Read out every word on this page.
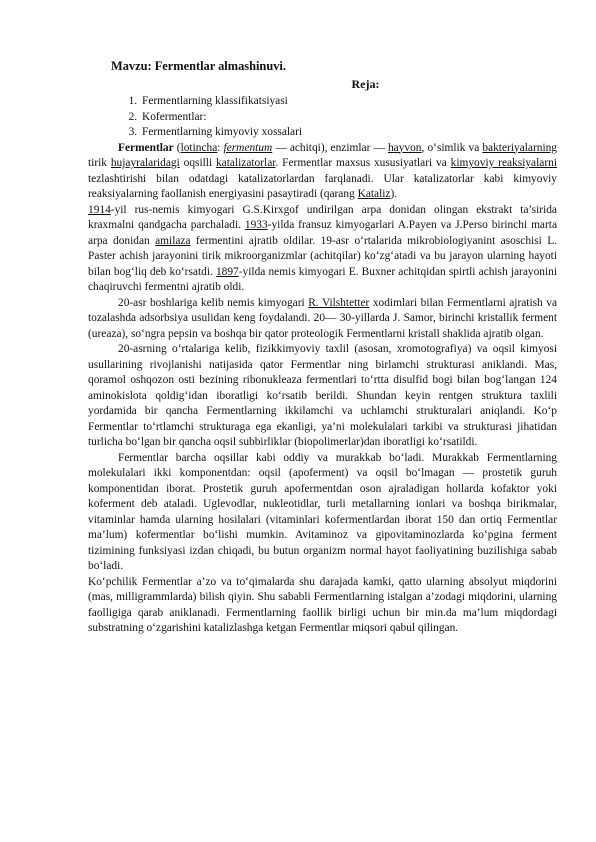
Mavzu: Fermentlar almashinuvi.
Reja:
1. Fermentlarning klassifikatsiyasi
2. Kofermentlar:
3. Fermentlarning kimyoviy xossalari

Fermentlar (lotincha: fermentum — achitqi), enzimlar — hayvon, o‘simlik va bakteriyalarning tirik hujayralaridagi oqsilli katalizatorlar. Fermentlar maxsus xususiyatlari va kimyoviy reaksiyalarni tezlashtirishi bilan odatdagi katalizatorlardan farqlanadi. Ular katalizatorlar kabi kimyoviy reaksiyalarning faollanish energiyasini pasaytiradi (qarang Kataliz).

1914-yil rus-nemis kimyogari G.S.Kirxgof undirilgan arpa donidan olingan ekstrakt ta’sirida kraxmalni qandgacha parchaladi. 1933-yilda fransuz kimyogarlari A.Payen va J.Perso birinchi marta arpa donidan amilaza fermentini ajratib oldilar. 19-asr o‘rtalarida mikrobiologiyanint asoschisi L. Paster achish jarayonini tirik mikroorganizmlar (achitqilar) ko‘zg‘atadi va bu jarayon ularning hayoti bilan bog‘liq deb ko‘rsatdi. 1897-yilda nemis kimyogari E. Buxner achitqidan spirtli achish jarayonini chaqiruvchi fermentni ajratib oldi.

20-asr boshlariga kelib nemis kimyogari R. Vilshtetter xodimlari bilan Fermentlarni ajratish va tozalashda adsorbsiya usulidan keng foydalandi. 20— 30-yillarda J. Samor, birinchi kristallik ferment (ureaza), so‘ngra pepsin va boshqa bir qator proteologik Fermentlarni kristall shaklida ajratib olgan.

20-asrning o‘rtalariga kelib, fizikkimyoviy taxlil (asosan, xromotografiya) va oqsil kimyosi usullarining rivojlanishi natijasida qator Fermentlar ning birlamchi strukturasi aniklandi. Mas, qoramol oshqozon osti bezining ribonukleaza fermentlari to‘rtta disulfid bogi bilan bog‘langan 124 aminokislota qoldig‘idan iboratligi ko‘rsatib berildi. Shundan keyin rentgen struktura taxlili yordamida bir qancha Fermentlarning ikkilamchi va uchlamchi strukturalari aniqlandi. Ko‘p Fermentlar to‘rtlamchi strukturaga ega ekanligi, ya’ni molekulalari tarkibi va strukturasi jihatidan turlicha bo‘lgan bir qancha oqsil subbirliklar (biopolimerlar)dan iboratligi ko‘rsatildi.

Fermentlar barcha oqsillar kabi oddiy va murakkab bo‘ladi. Murakkab Fermentlarning molekulalari ikki komponentdan: oqsil (apoferment) va oqsil bo‘lmagan — prostetik guruh komponentidan iborat. Prostetik guruh apofermentdan oson ajraladigan hollarda kofaktor yoki koferment deb ataladi. Uglevodlar, nukleotidlar, turli metallarning ionlari va boshqa birikmalar, vitaminlar hamda ularning hosilalari (vitaminlari kofermentlardan iborat 150 dan ortiq Fermentlar ma’lum) kofermentlar bo‘lishi mumkin. Avitaminoz va gipovitaminozlarda ko‘pgina ferment tizimining funksiyasi izdan chiqadi, bu butun organizm normal hayot faoliyatining buzilishiga sabab bo‘ladi.

Ko‘pchilik Fermentlar a’zo va to‘qimalarda shu darajada kamki, qatto ularning absolyut miqdorini (mas, milligrammlarda) bilish qiyin. Shu sababli Fermentlarning istalgan a’zodagi miqdorini, ularning faolligiga qarab aniklanadi. Fermentlarning faollik birligi uchun bir min.da ma’lum miqdordagi substratning o‘zgarishini katalizlashga ketgan Fermentlar miqsori qabul qilingan.
